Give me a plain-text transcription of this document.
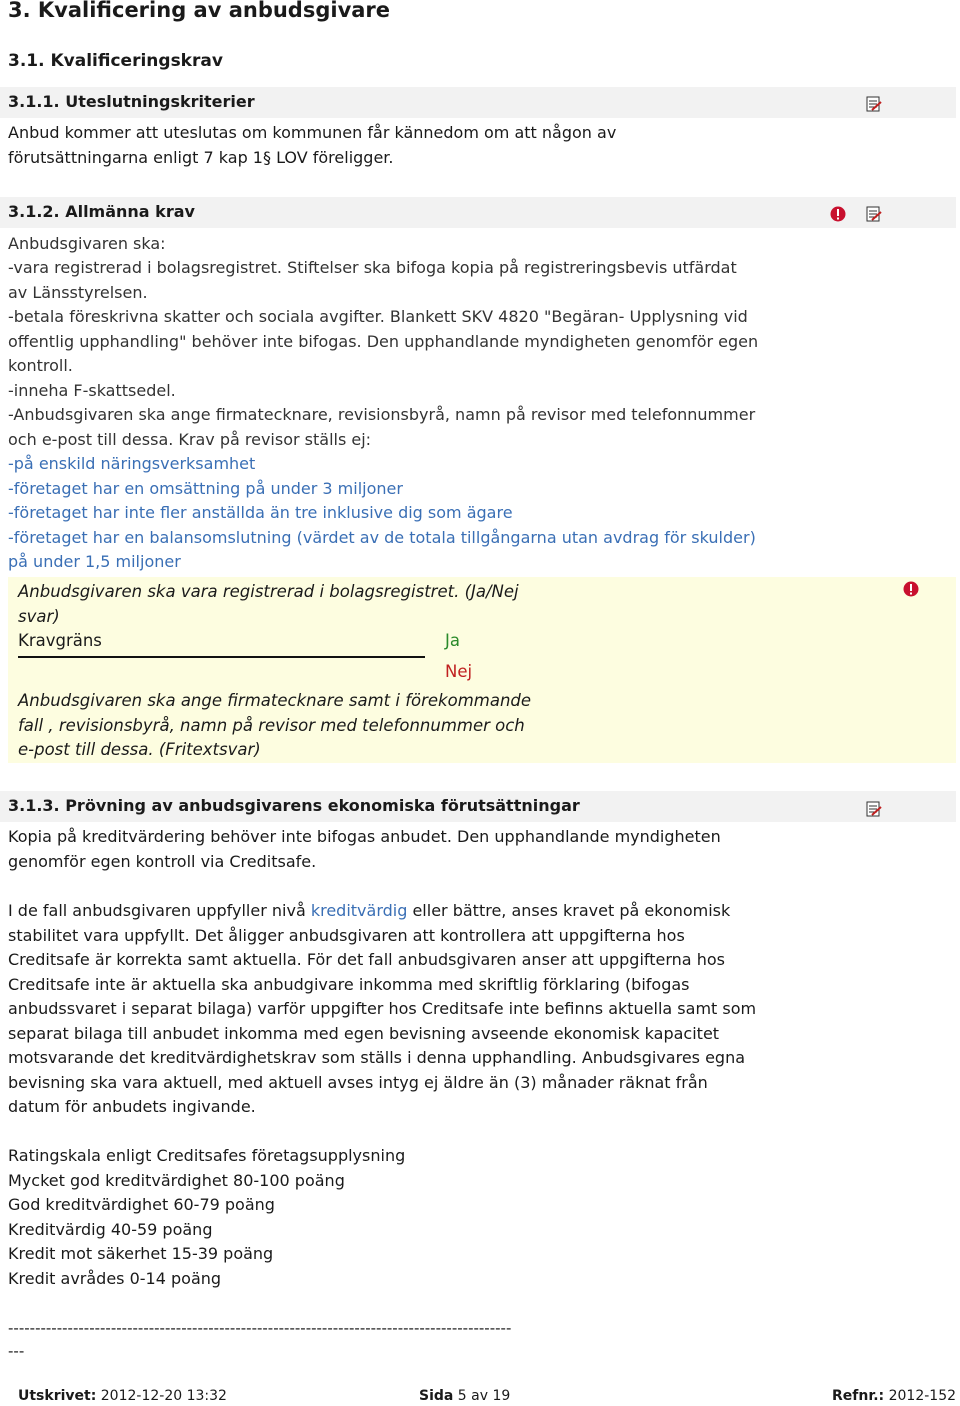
3. Kvalificering av anbudsgivare
3.1. Kvalificeringskrav
3.1.1. Uteslutningskriterier
Anbud kommer att uteslutas om kommunen får kännedom om att någon av
förutsättningarna enligt 7 kap 1§ LOV föreligger.
3.1.2. Allmänna krav
Anbudsgivaren ska:
-vara registrerad i bolagsregistret. Stiftelser ska bifoga kopia på registreringsbevis utfärdat
av Länsstyrelsen.
-betala föreskrivna skatter och sociala avgifter. Blankett SKV 4820 "Begäran- Upplysning vid
offentlig upphandling" behöver inte bifogas. Den upphandlande myndigheten genomför egen
kontroll.
-inneha F-skattsedel.
-Anbudsgivaren ska ange firmatecknare, revisionsbyrå, namn på revisor med telefonnummer
och e-post till dessa. Krav på revisor ställs ej:
-på enskild näringsverksamhet
-företaget har en omsättning på under 3 miljoner
-företaget har inte fler anställda än tre inklusive dig som ägare
-företaget har en balansomslutning (värdet av de totala tillgångarna utan avdrag för skulder)
på under 1,5 miljoner
Anbudsgivaren ska vara registrerad i bolagsregistret. (Ja/Nej
svar)
Kravgräns	Ja
Nej
Anbudsgivaren ska ange firmatecknare samt i förekommande
fall , revisionsbyrå, namn på revisor med telefonnummer och
e-post till dessa. (Fritextsvar)
3.1.3. Prövning av anbudsgivarens ekonomiska förutsättningar
Kopia på kreditvärdering behöver inte bifogas anbudet. Den upphandlande myndigheten
genomför egen kontroll via Creditsafe.
I de fall anbudsgivaren uppfyller nivå kreditvärdig eller bättre, anses kravet på ekonomisk
stabilitet vara uppfyllt. Det åligger anbudsgivaren att kontrollera att uppgifterna hos
Creditsafe är korrekta samt aktuella. För det fall anbudsgivaren anser att uppgifterna hos
Creditsafe inte är aktuella ska anbudgivare inkomma med skriftlig förklaring (bifogas
anbudssvaret i separat bilaga) varför uppgifter hos Creditsafe inte befinns aktuella samt som
separat bilaga till anbudet inkomma med egen bevisning avseende ekonomisk kapacitet
motsvarande det kreditvärdighetskrav som ställs i denna upphandling. Anbudsgivares egna
bevisning ska vara aktuell, med aktuell avses intyg ej äldre än (3) månader räknat från
datum för anbudets ingivande.
Ratingskala enligt Creditsafes företagsupplysning
Mycket god kreditvärdighet 80-100 poäng
God kreditvärdighet 60-79 poäng
Kreditvärdig 40-59 poäng
Kredit mot säkerhet 15-39 poäng
Kredit avrådes 0-14 poäng
---------------------------------------------------------------------------------------------
---
Utskrivet: 2012-12-20 13:32	Sida 5 av 19	Refnr.: 2012-152
